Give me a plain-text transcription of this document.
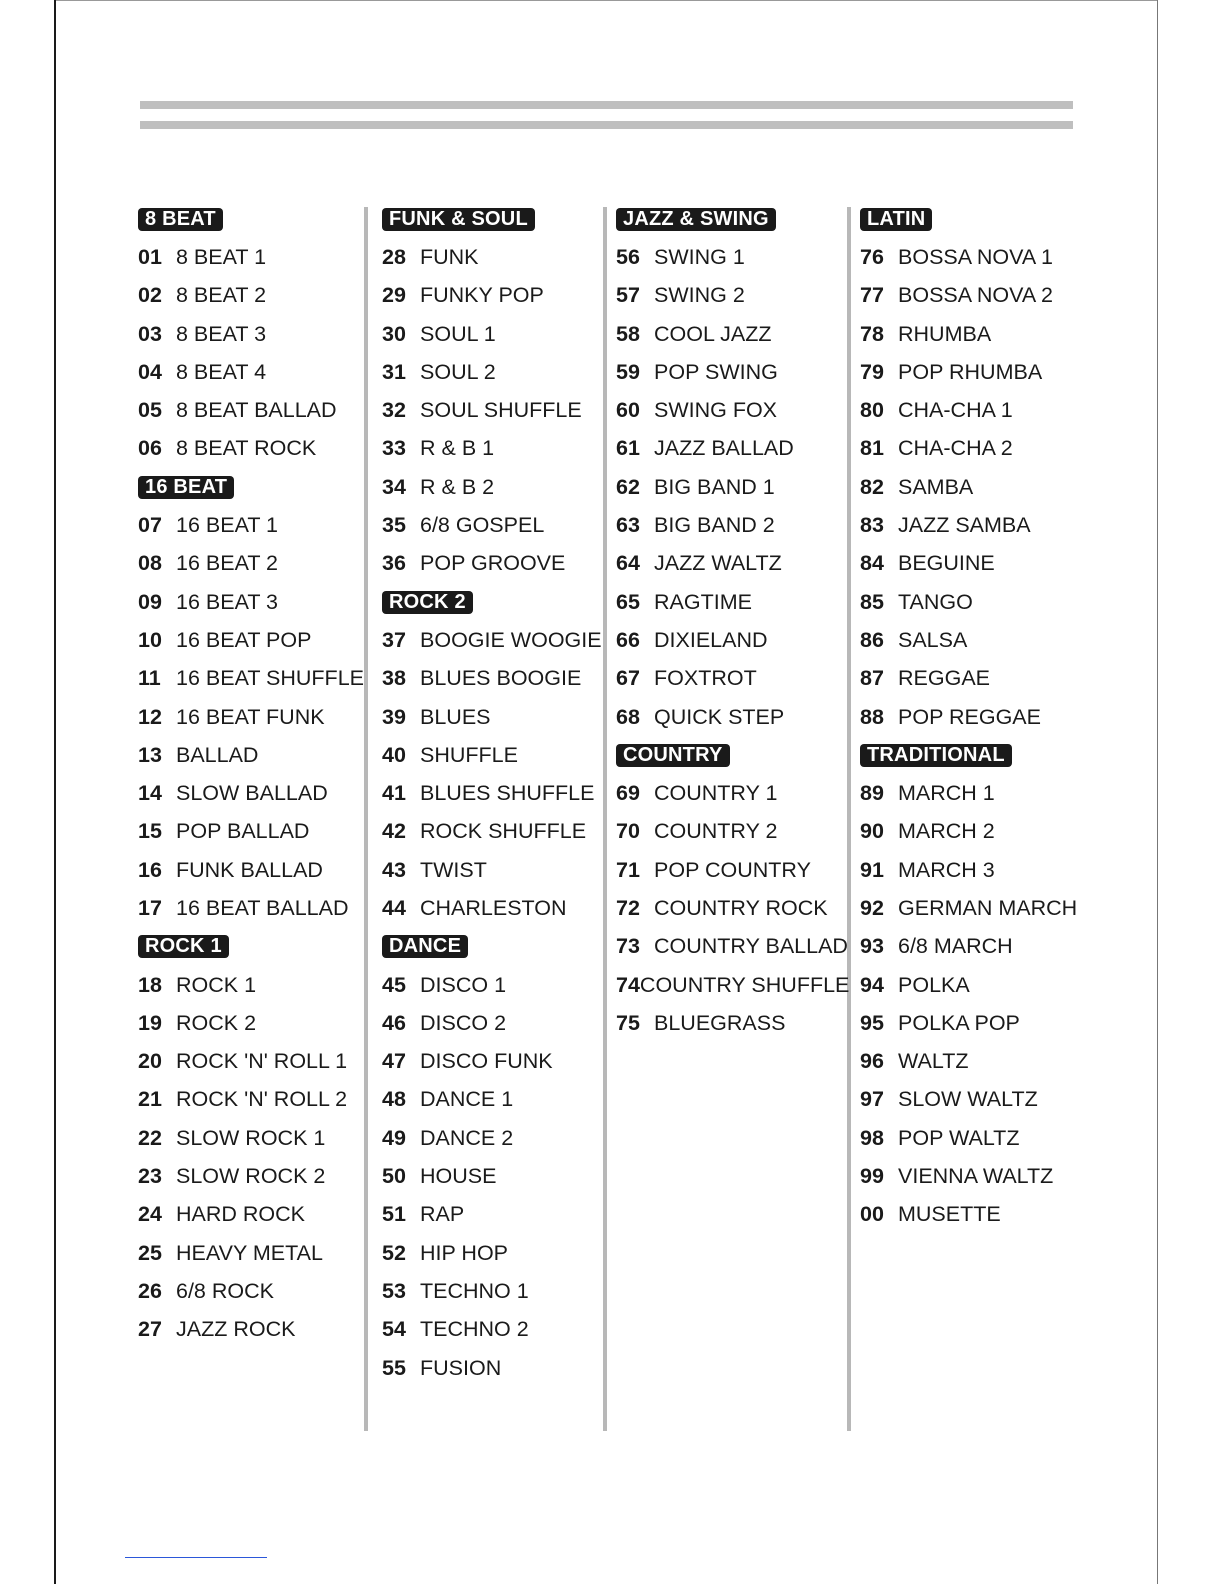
8 BEAT
01 8 BEAT 1
02 8 BEAT 2
03 8 BEAT 3
04 8 BEAT 4
05 8 BEAT BALLAD
06 8 BEAT ROCK
16 BEAT
07 16 BEAT 1
08 16 BEAT 2
09 16 BEAT 3
10 16 BEAT POP
11 16 BEAT SHUFFLE
12 16 BEAT FUNK
13 BALLAD
14 SLOW BALLAD
15 POP BALLAD
16 FUNK BALLAD
17 16 BEAT BALLAD
ROCK 1
18 ROCK 1
19 ROCK 2
20 ROCK 'N' ROLL 1
21 ROCK 'N' ROLL 2
22 SLOW ROCK 1
23 SLOW ROCK 2
24 HARD ROCK
25 HEAVY METAL
26 6/8 ROCK
27 JAZZ ROCK
FUNK & SOUL
28 FUNK
29 FUNKY POP
30 SOUL 1
31 SOUL 2
32 SOUL SHUFFLE
33 R & B 1
34 R & B 2
35 6/8 GOSPEL
36 POP GROOVE
ROCK 2
37 BOOGIE WOOGIE
38 BLUES BOOGIE
39 BLUES
40 SHUFFLE
41 BLUES SHUFFLE
42 ROCK SHUFFLE
43 TWIST
44 CHARLESTON
DANCE
45 DISCO 1
46 DISCO 2
47 DISCO FUNK
48 DANCE 1
49 DANCE 2
50 HOUSE
51 RAP
52 HIP HOP
53 TECHNO 1
54 TECHNO 2
55 FUSION
JAZZ & SWING
56 SWING 1
57 SWING 2
58 COOL JAZZ
59 POP SWING
60 SWING FOX
61 JAZZ BALLAD
62 BIG BAND 1
63 BIG BAND 2
64 JAZZ WALTZ
65 RAGTIME
66 DIXIELAND
67 FOXTROT
68 QUICK STEP
COUNTRY
69 COUNTRY 1
70 COUNTRY 2
71 POP COUNTRY
72 COUNTRY ROCK
73 COUNTRY BALLAD
74 COUNTRY SHUFFLE
75 BLUEGRASS
LATIN
76 BOSSA NOVA 1
77 BOSSA NOVA 2
78 RHUMBA
79 POP RHUMBA
80 CHA-CHA 1
81 CHA-CHA 2
82 SAMBA
83 JAZZ SAMBA
84 BEGUINE
85 TANGO
86 SALSA
87 REGGAE
88 POP REGGAE
TRADITIONAL
89 MARCH 1
90 MARCH 2
91 MARCH 3
92 GERMAN MARCH
93 6/8 MARCH
94 POLKA
95 POLKA POP
96 WALTZ
97 SLOW WALTZ
98 POP WALTZ
99 VIENNA WALTZ
00 MUSETTE
